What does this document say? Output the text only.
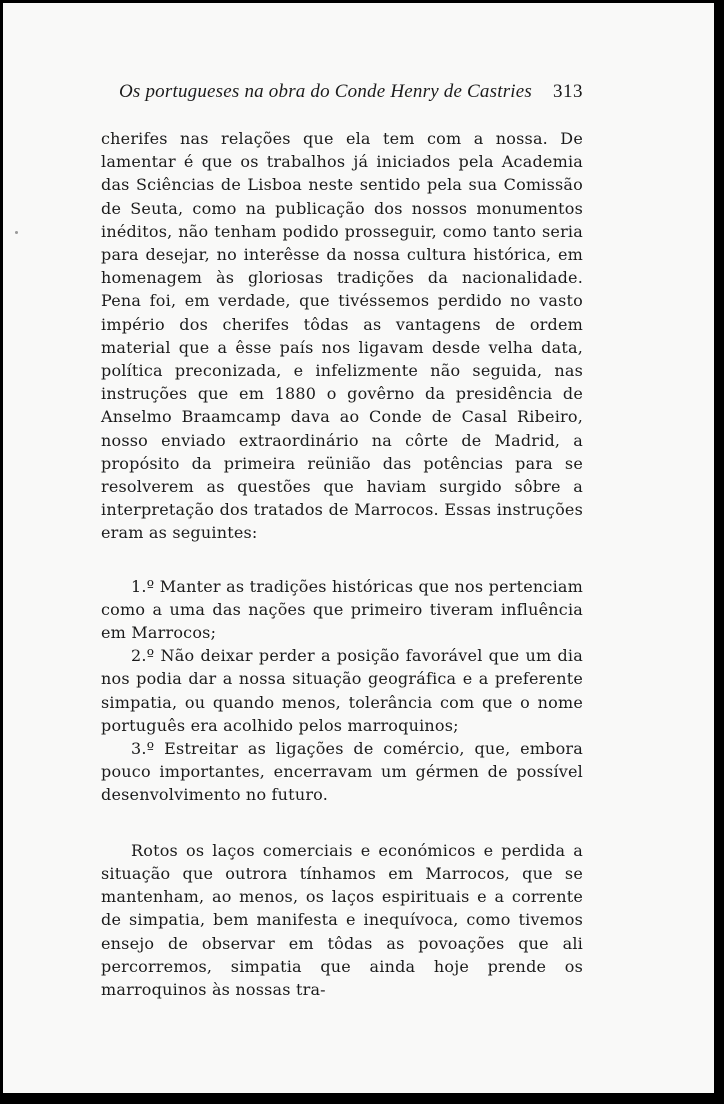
Os portugueses na obra do Conde Henry de Castries 313

cherifes nas relações que ela tem com a nossa. De lamentar é que os trabalhos já iniciados pela Academia das Sciências de Lisboa neste sentido pela sua Comissão de Seuta, como na publicação dos nossos monumentos inéditos, não tenham podido prosseguir, como tanto seria para desejar, no interêsse da nossa cultura histórica, em homenagem às gloriosas tradições da nacionalidade. Pena foi, em verdade, que tivéssemos perdido no vasto império dos cherifes tôdas as vantagens de ordem material que a êsse país nos ligavam desde velha data, política preconizada, e infelizmente não seguida, nas instruções que em 1880 o govêrno da presidência de Anselmo Braamcamp dava ao Conde de Casal Ribeiro, nosso enviado extraordinário na côrte de Madrid, a propósito da primeira reünião das potências para se resolverem as questões que haviam surgido sôbre a interpretação dos tratados de Marrocos. Essas instruções eram as seguintes:

1.º Manter as tradições históricas que nos pertenciam como a uma das nações que primeiro tiveram influência em Marrocos;

2.º Não deixar perder a posição favorável que um dia nos podia dar a nossa situação geográfica e a preferente simpatia, ou quando menos, tolerância com que o nome português era acolhido pelos marroquinos;

3.º Estreitar as ligações de comércio, que, embora pouco importantes, encerravam um gérmen de possível desenvolvimento no futuro.

Rotos os laços comerciais e económicos e perdida a situação que outrora tínhamos em Marrocos, que se mantenham, ao menos, os laços espirituais e a corrente de simpatia, bem manifesta e inequívoca, como tivemos ensejo de observar em tôdas as povoações que ali percorremos, simpatia que ainda hoje prende os marroquinos às nossas tra-
